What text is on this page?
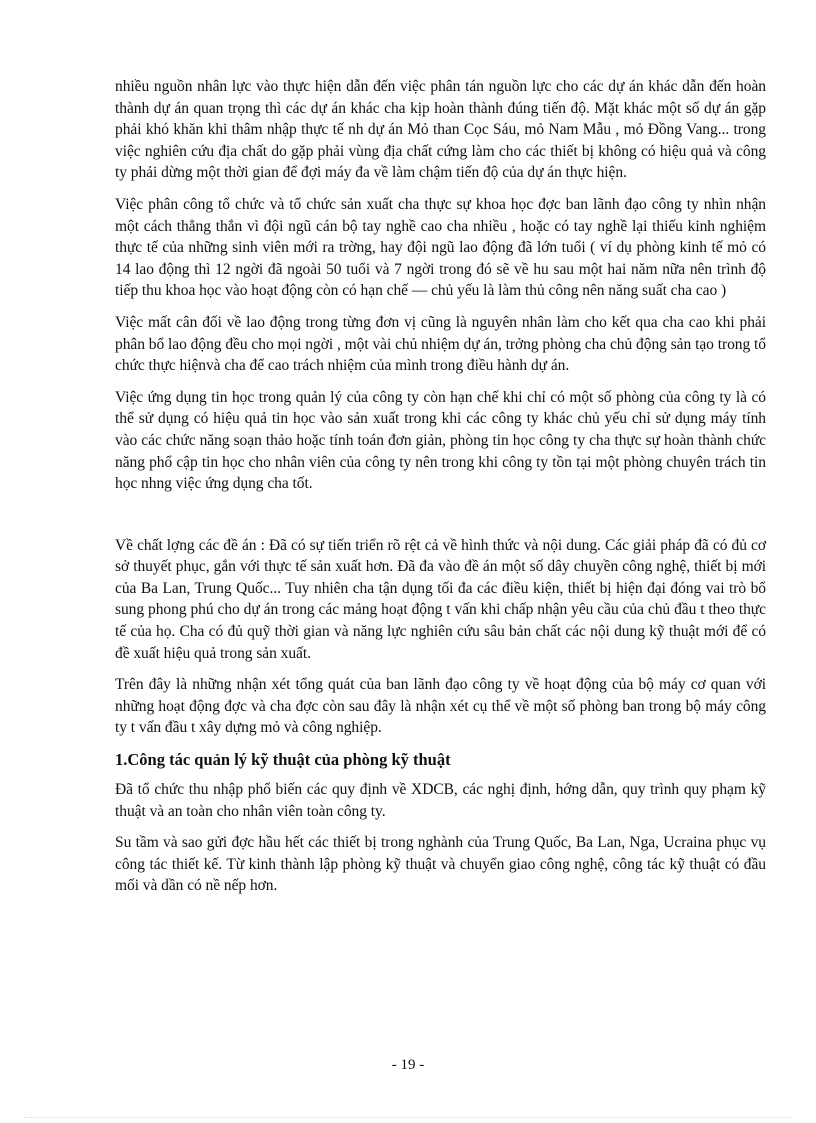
nhiều nguồn nhân lực vào thực hiện dẫn đến việc phân tán nguồn lực cho các dự án khác dẫn đến hoàn thành dự án quan trọng thì các dự án khác cha kịp hoàn thành đúng tiến độ. Mặt khác một số dự án gặp phải khó khăn khi thâm nhập thực tế nh dự án Mỏ than Cọc Sáu, mỏ Nam Mẫu , mỏ Đồng Vang... trong việc nghiên cứu địa chất do gặp phải vùng địa chất cứng làm cho các thiết bị không có hiệu quả và công ty phải dừng một thời gian để đợi máy đa về làm chậm tiến độ của dự án thực hiện.

Việc phân công tổ chức và tổ chức sản xuất cha thực sự khoa học đợc ban lãnh đạo công ty nhìn nhận một cách thẳng thắn vì đội ngũ cán bộ tay nghề cao cha nhiều , hoặc có tay nghề lại thiếu kinh nghiệm thực tế của những sinh viên mới ra trờng, hay đội ngũ lao động đã lớn tuổi ( ví dụ phòng kinh tế mỏ có 14 lao động thì 12 ngời đã ngoài 50 tuổi và 7 ngời trong đó sẽ về hu sau một hai năm nữa nên trình độ tiếp thu khoa học vào hoạt động còn có hạn chế — chủ yếu là làm thủ công nên năng suất cha cao )

Việc mất cân đối về lao động trong từng đơn vị cũng là nguyên nhân làm cho kết qua cha cao khi phải phân bổ lao động đều cho mọi ngời , một vài chủ nhiệm dự án, trởng phòng cha chủ động sản tạo trong tổ chức thực hiệnvà cha để cao trách nhiệm của mình trong điều hành dự án.

Việc ứng dụng tin học trong quản lý của công ty còn hạn chế khi chỉ có một số phòng của công ty là có thể sử dụng có hiệu quả tin học vào sản xuất trong khi các công ty khác chủ yếu chỉ sử dụng máy tính vào các chức năng soạn thảo hoặc tính toán đơn giản, phòng tin học công ty cha thực sự hoàn thành chức năng phổ cập tin học cho nhân viên của công ty nên trong khi công ty tồn tại một phòng chuyên trách tin học nhng việc ứng dụng cha tốt.

Về chất lợng các đề án : Đã có sự tiến triển rõ rệt cả về hình thức và nội dung. Các giải pháp đã có đủ cơ sở thuyết phục, gắn với thực tế sản xuất hơn. Đã đa vào đề án một số dây chuyền công nghệ, thiết bị mới của Ba Lan, Trung Quốc... Tuy nhiên cha tận dụng tối đa các điều kiện, thiết bị hiện đại đóng vai trò bổ sung phong phú cho dự án trong các mảng hoạt động t vấn khi chấp nhận yêu cầu của chủ đầu t theo thực tế của họ. Cha có đủ quỹ thời gian và năng lực nghiên cứu sâu bản chất các nội dung kỹ thuật mới để có đề xuất hiệu quả trong sản xuất.

Trên đây là những nhận xét tổng quát của ban lãnh đạo công ty về hoạt động của bộ máy cơ quan với những hoạt động đợc và cha đợc còn sau đây là nhận xét cụ thể về một số phòng ban trong bộ máy công ty t vấn đầu t xây dựng mỏ và công nghiệp.

1.Công tác quản lý kỹ thuật của phòng kỹ thuật

Đã tổ chức thu nhập phổ biến các quy định về XDCB, các nghị định, hớng dẫn, quy trình quy phạm kỹ thuật và an toàn cho nhân viên toàn công ty.

Su tầm và sao gửi đợc hầu hết các thiết bị trong nghành của Trung Quốc, Ba Lan, Nga, Ucraina phục vụ công tác thiết kế. Từ kinh thành lập phòng kỹ thuật và chuyển giao công nghệ, công tác kỹ thuật có đầu mối và dần có nề nếp hơn.

- 19 -
